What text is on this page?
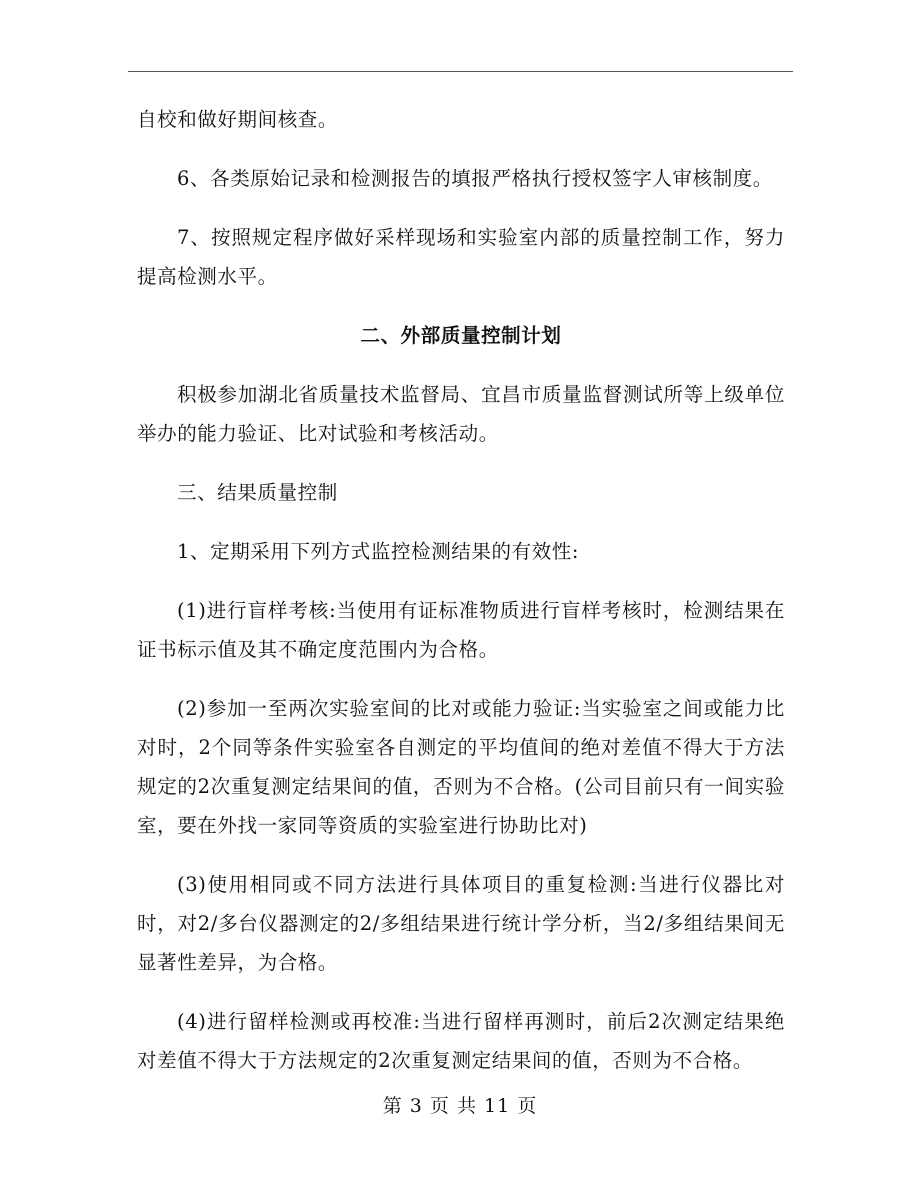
自校和做好期间核查。

6、各类原始记录和检测报告的填报严格执行授权签字人审核制度。

7、按照规定程序做好采样现场和实验室内部的质量控制工作，努力提高检测水平。

二、外部质量控制计划

积极参加湖北省质量技术监督局、宜昌市质量监督测试所等上级单位举办的能力验证、比对试验和考核活动。

三、结果质量控制

1、定期采用下列方式监控检测结果的有效性:

(1)进行盲样考核:当使用有证标准物质进行盲样考核时，检测结果在证书标示值及其不确定度范围内为合格。

(2)参加一至两次实验室间的比对或能力验证:当实验室之间或能力比对时，2个同等条件实验室各自测定的平均值间的绝对差值不得大于方法规定的2次重复测定结果间的值，否则为不合格。(公司目前只有一间实验室，要在外找一家同等资质的实验室进行协助比对)

(3)使用相同或不同方法进行具体项目的重复检测:当进行仪器比对时，对2/多台仪器测定的2/多组结果进行统计学分析，当2/多组结果间无显著性差异，为合格。

(4)进行留样检测或再校准:当进行留样再测时，前后2次测定结果绝对差值不得大于方法规定的2次重复测定结果间的值，否则为不合格。

第 3 页 共 11 页
